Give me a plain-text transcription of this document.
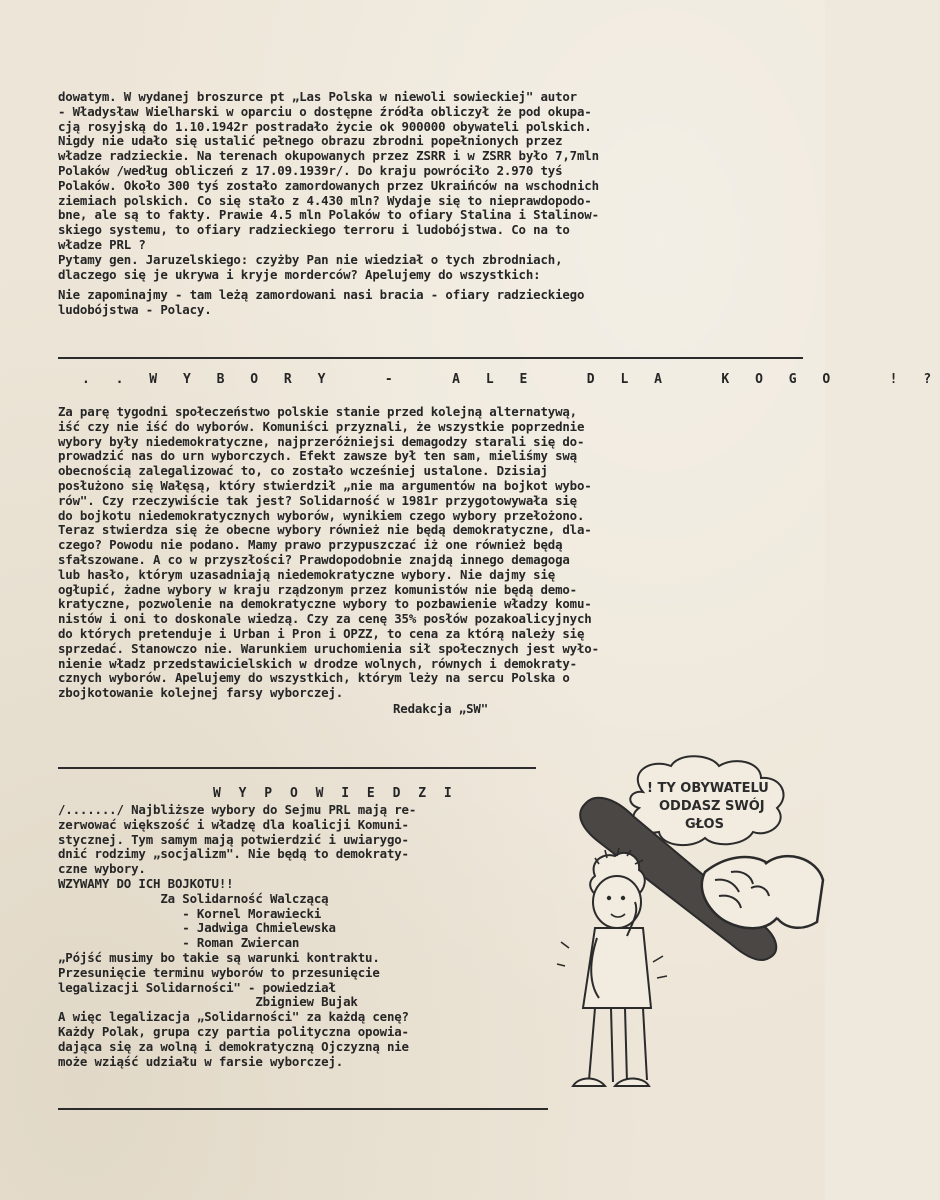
dowatym. W wydanej broszurce pt „Las Polska w niewoli sowieckiej" autor
- Władysław Wielharski w oparciu o dostępne źródła obliczył że pod okupa-
cją rosyjską do 1.10.1942r postradało życie ok 900000 obywateli polskich.
Nigdy nie udało się ustalić pełnego obrazu zbrodni popełnionych przez
władze radzieckie. Na terenach okupowanych przez ZSRR i w ZSRR było 7,7mln
Polaków /według obliczeń z 17.09.1939r/. Do kraju powróciło 2.970 tyś
Polaków. Około 300 tyś zostało zamordowanych przez Ukraińców na wschodnich
ziemiach polskich. Co się stało z 4.430 mln? Wydaje się to nieprawdopodo-
bne, ale są to fakty. Prawie 4.5 mln Polaków to ofiary Stalina i Stalinow-
skiego systemu, to ofiary radzieckiego terroru i ludobójstwa. Co na to
władze PRL ?
Pytamy gen. Jaruzelskiego: czyżby Pan nie wiedział o tych zbrodniach,
dlaczego się je ukrywa i kryje morderców? Apelujemy do wszystkich:
Nie zapominajmy - tam leżą zamordowani nasi bracia - ofiary radzieckiego
ludobójstwa - Polacy.
. . W Y B O R Y   -   A L E   D L A   K O G O   ! ?
Za parę tygodni społeczeństwo polskie stanie przed kolejną alternatywą,
iść czy nie iść do wyborów. Komuniści przyznali, że wszystkie poprzednie
wybory były niedemokratyczne, najprzeróżniejsi demagodzy starali się do-
prowadzić nas do urn wyborczych. Efekt zawsze był ten sam, mieliśmy swą
obecnością zalegalizować to, co zostało wcześniej ustalone. Dzisiaj
posłużono się Wałęsą, który stwierdził „nie ma argumentów na bojkot wybo-
rów". Czy rzeczywiście tak jest? Solidarność w 1981r przygotowywała się
do bojkotu niedemokratycznych wyborów, wynikiem czego wybory przełożono.
Teraz stwierdza się że obecne wybory również nie będą demokratyczne, dla-
czego? Powodu nie podano. Mamy prawo przypuszczać iż one również będą
sfałszowane. A co w przyszłości? Prawdopodobnie znajdą innego demagoga
lub hasło, którym uzasadniają niedemokratyczne wybory. Nie dajmy się
ogłupić, żadne wybory w kraju rządzonym przez komunistów nie będą demo-
kratyczne, pozwolenie na demokratyczne wybory to pozbawienie władzy komu-
nistów i oni to doskonale wiedzą. Czy za cenę 35% posłów pozakoalicyjnych
do których pretenduje i Urban i Pron i OPZZ, to cena za którą należy się
sprzedać. Stanowczo nie. Warunkiem uruchomienia sił społecznych jest wyło-
nienie władz przedstawicielskich w drodze wolnych, równych i demokraty-
cznych wyborów. Apelujemy do wszystkich, którym leży na sercu Polska o
zbojkotowanie kolejnej farsy wyborczej.
Redakcja „SW"
W Y P O W I E D Z I
/......./ Najbliższe wybory do Sejmu PRL mają re-
zerwować większość i władzę dla koalicji Komuni-
stycznej. Tym samym mają potwierdzić i uwiarygo-
dnić rodzimy „socjalizm". Nie będą to demokraty-
czne wybory.
WZYWAMY DO ICH BOJKOTU!!
Za Solidarność Walczącą
- Kornel Morawiecki
- Jadwiga Chmielewska
- Roman Zwiercan
„Pójść musimy bo takie są warunki kontraktu.
Przesunięcie terminu wyborów to przesunięcie
legalizacji Solidarności" - powiedział
Zbigniew Bujak
A więc legalizacja „Solidarności" za każdą cenę?
Każdy Polak, grupa czy partia polityczna opowia-
dająca się za wolną i demokratyczną Ojczyzną nie
może wziąść udziału w farsie wyborczej.
! TY OBYWATELU
ODDASZ SWÓJ
GŁOS
